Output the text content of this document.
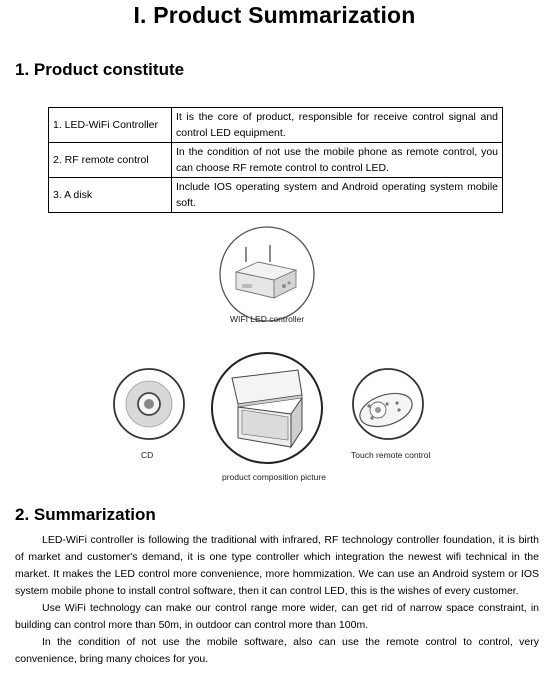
I. Product Summarization
1. Product constitute
1. LED-WiFi Controller	It is the core of product, responsible for receive control signal and control LED equipment.
2. RF remote control	In the condition of not use the mobile phone as remote control, you can choose RF remote control to control LED.
3. A disk	Include IOS operating system and Android operating system mobile soft.
WIFI LED controller
CD	Touch remote control
product composition picture
2. Summarization

LED-WiFi controller is following the traditional with infrared, RF technology controller foundation, it is birth of market and customer's demand, it is one type controller which integration the newest wifi technical in the market. It makes the LED control more convenience, more hommization. We can use an Android system or IOS system mobile phone to install control software, then it can control LED, this is the wishes of every customer.

Use WiFi technology can make our control range more wider, can get rid of narrow space constraint, in building can control more than 50m, in outdoor can control more than 100m.

In the condition of not use the mobile software, also can use the remote control to control, very convenience, bring many choices for you.
